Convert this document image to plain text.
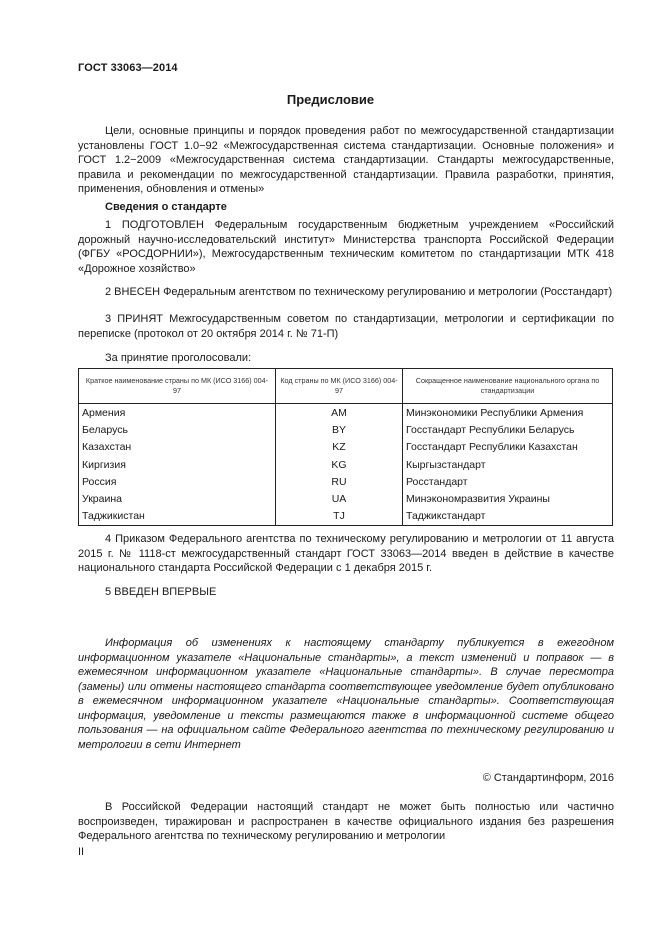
ГОСТ 33063—2014
Предисловие
Цели, основные принципы и порядок проведения работ по межгосударственной стандартизации установлены ГОСТ 1.0−92 «Межгосударственная система стандартизации. Основные положения» и ГОСТ 1.2−2009 «Межгосударственная система стандартизации. Стандарты межгосударственные, правила и рекомендации по межгосударственной стандартизации. Правила разработки, принятия, применения, обновления и отмены»
Сведения о стандарте
1 ПОДГОТОВЛЕН Федеральным государственным бюджетным учреждением «Российский дорожный научно-исследовательский институт» Министерства транспорта Российской Федерации (ФГБУ «РОСДОРНИИ»), Межгосударственным техническим комитетом по стандартизации МТК 418 «Дорожное хозяйство»
2 ВНЕСЕН Федеральным агентством по техническому регулированию и метрологии (Росстандарт)
3 ПРИНЯТ Межгосударственным советом по стандартизации, метрологии и сертификации по переписке (протокол от 20 октября 2014 г. № 71-П)
За принятие проголосовали:
Краткое наименование страны по МК (ИСО 3166) 004-97	Код страны по МК (ИСО 3166) 004-97	Сокращенное наименование национального органа по стандартизации
Армения	AM	Минэкономики Республики Армения
Беларусь	BY	Госстандарт Республики Беларусь
Казахстан	KZ	Госстандарт Республики Казахстан
Киргизия	KG	Кыргызстандарт
Россия	RU	Росстандарт
Украина	UA	Минэкономразвития Украины
Таджикистан	TJ	Таджикстандарт
4 Приказом Федерального агентства по техническому регулированию и метрологии от 11 августа 2015 г. № 1118-ст межгосударственный стандарт ГОСТ 33063—2014 введен в действие в качестве национального стандарта Российской Федерации с 1 декабря 2015 г.
5 ВВЕДЕН ВПЕРВЫЕ
Информация об изменениях к настоящему стандарту публикуется в ежегодном информационном указателе «Национальные стандарты», а текст изменений и поправок — в ежемесячном информационном указателе «Национальные стандарты». В случае пересмотра (замены) или отмены настоящего стандарта соответствующее уведомление будет опубликовано в ежемесячном информационном указателе «Национальные стандарты». Соответствующая информация, уведомление и тексты размещаются также в информационной системе общего пользования — на официальном сайте Федерального агентства по техническому регулированию и метрологии в сети Интернет
© Стандартинформ, 2016
В Российской Федерации настоящий стандарт не может быть полностью или частично воспроизведен, тиражирован и распространен в качестве официального издания без разрешения Федерального агентства по техническому регулированию и метрологии
II
